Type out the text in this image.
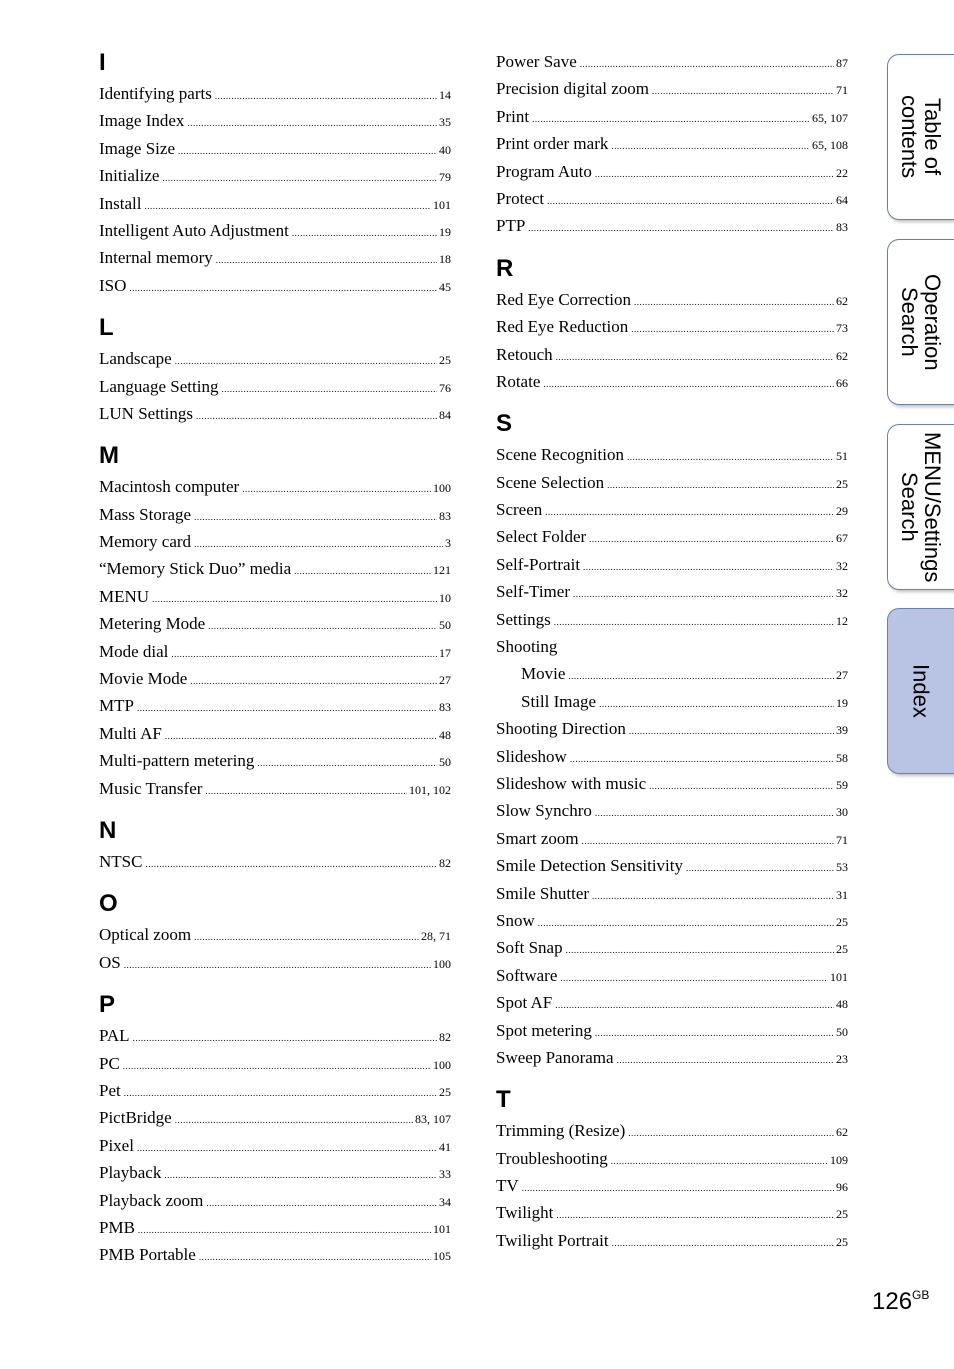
I
Identifying parts .....	14
Image Index .....	35
Image Size .....	40
Initialize .....	79
Install .....	101
Intelligent Auto Adjustment .....	19
Internal memory .....	18
ISO .....	45
L
Landscape .....	25
Language Setting .....	76
LUN Settings .....	84
M
Macintosh computer .....	100
Mass Storage .....	83
Memory card .....	3
“Memory Stick Duo” media .....	121
MENU .....	10
Metering Mode .....	50
Mode dial .....	17
Movie Mode .....	27
MTP .....	83
Multi AF .....	48
Multi-pattern metering .....	50
Music Transfer .....	101, 102
N
NTSC .....	82
O
Optical zoom .....	28, 71
OS .....	100
P
PAL .....	82
PC .....	100
Pet .....	25
PictBridge .....	83, 107
Pixel .....	41
Playback .....	33
Playback zoom .....	34
PMB .....	101
PMB Portable .....	105
Power Save .....	87
Precision digital zoom .....	71
Print .....	65, 107
Print order mark .....	65, 108
Program Auto .....	22
Protect .....	64
PTP .....	83
R
Red Eye Correction .....	62
Red Eye Reduction .....	73
Retouch .....	62
Rotate .....	66
S
Scene Recognition .....	51
Scene Selection .....	25
Screen .....	29
Select Folder .....	67
Self-Portrait .....	32
Self-Timer .....	32
Settings .....	12
Shooting
Movie .....	27
Still Image .....	19
Shooting Direction .....	39
Slideshow .....	58
Slideshow with music .....	59
Slow Synchro .....	30
Smart zoom .....	71
Smile Detection Sensitivity .....	53
Smile Shutter .....	31
Snow .....	25
Soft Snap .....	25
Software .....	101
Spot AF .....	48
Spot metering .....	50
Sweep Panorama .....	23
T
Trimming (Resize) .....	62
Troubleshooting .....	109
TV .....	96
Twilight .....	25
Twilight Portrait .....	25
Table of
contents
Operation
Search
MENU/Settings
Search
Index
$126^{GB}$
